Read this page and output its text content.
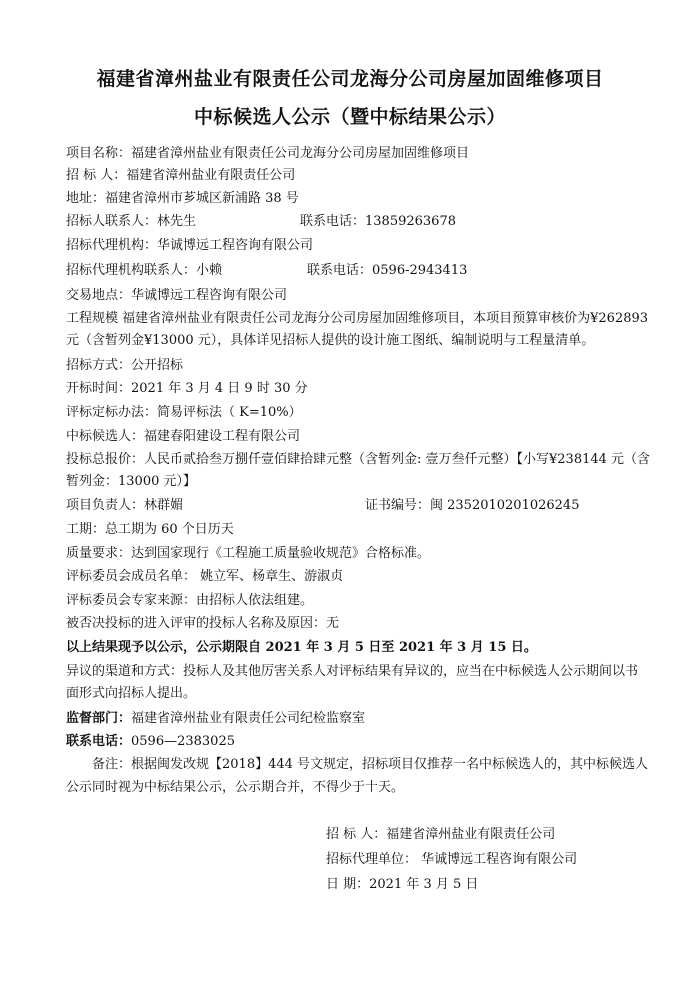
福建省漳州盐业有限责任公司龙海分公司房屋加固维修项目
中标候选人公示（暨中标结果公示）
项目名称：福建省漳州盐业有限责任公司龙海分公司房屋加固维修项目
招 标 人：福建省漳州盐业有限责任公司
地址：福建省漳州市芗城区新浦路 38 号
招标人联系人：林先生	联系电话：13859263678
招标代理机构：华诚博远工程咨询有限公司
招标代理机构联系人：小赖	联系电话：0596-2943413
交易地点：华诚博远工程咨询有限公司
工程规模 福建省漳州盐业有限责任公司龙海分公司房屋加固维修项目，本项目预算审核价为¥262893
元（含暂列金¥13000 元），具体详见招标人提供的设计施工图纸、编制说明与工程量清单。
招标方式：公开招标
开标时间：2021 年 3 月 4 日 9 时 30 分
评标定标办法：简易评标法（ K=10%）
中标候选人：福建春阳建设工程有限公司
投标总报价：人民币贰拾叁万捌仟壹佰肆拾肆元整（含暂列金: 壹万叁仟元整）【小写¥238144 元（含
暂列金：13000 元）】
项目负责人：林群媚	证书编号：闽 2352010201026245
工期：总工期为 60 个日历天
质量要求：达到国家现行《工程施工质量验收规范》合格标准。
评标委员会成员名单： 姚立军、杨章生、游淑贞
评标委员会专家来源：由招标人依法组建。
被否决投标的进入评审的投标人名称及原因：无
以上结果现予以公示，公示期限自 2021 年 3 月 5 日至 2021 年 3 月 15 日。
异议的渠道和方式：投标人及其他厉害关系人对评标结果有异议的，应当在中标候选人公示期间以书
面形式向招标人提出。
监督部门：福建省漳州盐业有限责任公司纪检监察室
联系电话：0596—2383025
备注：根据闽发改规【2018】444 号文规定，招标项目仅推荐一名中标候选人的，其中标候选人
公示同时视为中标结果公示，公示期合并，不得少于十天。
招 标 人：福建省漳州盐业有限责任公司
招标代理单位： 华诚博远工程咨询有限公司
日 期：2021 年 3 月 5 日
